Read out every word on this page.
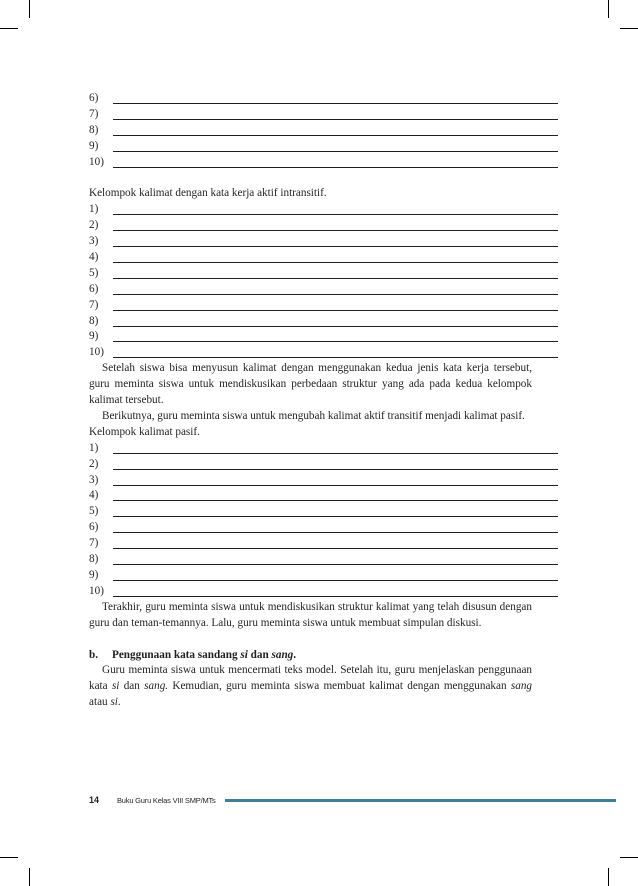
6)
7)
8)
9)
10)
Kelompok kalimat dengan kata kerja aktif intransitif.
1)
2)
3)
4)
5)
6)
7)
8)
9)
10)

Setelah siswa bisa menyusun kalimat dengan menggunakan kedua jenis kata kerja tersebut, guru meminta siswa untuk mendiskusikan perbedaan struktur yang ada pada kedua kelompok kalimat tersebut.

Berikutnya, guru meminta siswa untuk mengubah kalimat aktif transitif menjadi kalimat pasif.

Kelompok kalimat pasif.
1)
2)
3)
4)
5)
6)
7)
8)
9)
10)

Terakhir, guru meminta siswa untuk mendiskusikan struktur kalimat yang telah disusun dengan guru dan teman-temannya. Lalu, guru meminta siswa untuk membuat simpulan diskusi.

b. Penggunaan kata sandang si dan sang.

Guru meminta siswa untuk mencermati teks model. Setelah itu, guru menjelaskan penggunaan kata si dan sang. Kemudian, guru meminta siswa membuat kalimat dengan menggunakan sang atau si.

14 Buku Guru Kelas VIII SMP/MTs
